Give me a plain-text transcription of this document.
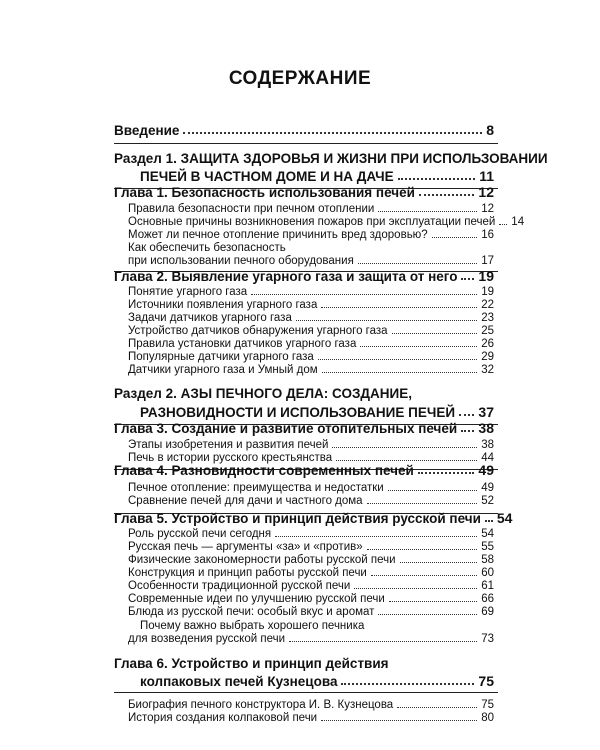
СОДЕРЖАНИЕ
Введение	8
Раздел 1. ЗАЩИТА ЗДОРОВЬЯ И ЖИЗНИ ПРИ ИСПОЛЬЗОВАНИИ
ПЕЧЕЙ В ЧАСТНОМ ДОМЕ И НА ДАЧЕ	11
Глава 1. Безопасность использования печей	12
Правила безопасности при печном отоплении	12
Основные причины возникновения пожаров при эксплуатации печей 14
Может ли печное отопление причинить вред здоровью?	16
Как обеспечить безопасность
при использовании печного оборудования	17
Глава 2. Выявление угарного газа и защита от него 19
Понятие угарного газа	19
Источники появления угарного газа	22
Задачи датчиков угарного газа	23
Устройство датчиков обнаружения угарного газа	25
Правила установки датчиков угарного газа	26
Популярные датчики угарного газа	29
Датчики угарного газа и Умный дом	32
Раздел 2. АЗЫ ПЕЧНОГО ДЕЛА: СОЗДАНИЕ,
РАЗНОВИДНОСТИ И ИСПОЛЬЗОВАНИЕ ПЕЧЕЙ 37
Глава 3. Создание и развитие отопительных печей 38
Этапы изобретения и развития печей	38
Печь в истории русского крестьянства	44
Глава 4. Разновидности современных печей	49
Печное отопление: преимущества и недостатки	49
Сравнение печей для дачи и частного дома	52
Глава 5. Устройство и принцип действия русской печи 54
Роль русской печи сегодня	54
Русская печь — аргументы «за» и «против»	55
Физические закономерности работы русской печи	58
Конструкция и принцип работы русской печи	60
Особенности традиционной русской печи	61
Современные идеи по улучшению русской печи	66
Блюда из русской печи: особый вкус и аромат	69
Почему важно выбрать хорошего печника
для возведения русской печи	73
Глава 6. Устройство и принцип действия
колпаковых печей Кузнецова	75
Биография печного конструктора И. В. Кузнецова	75
История создания колпаковой печи	80
